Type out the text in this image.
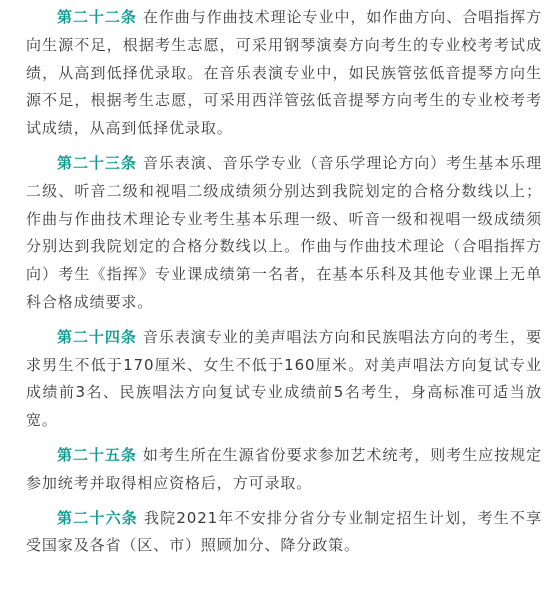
第二十二条 在作曲与作曲技术理论专业中，如作曲方向、合唱指挥方向生源不足，根据考生志愿，可采用钢琴演奏方向考生的专业校考考试成绩，从高到低择优录取。在音乐表演专业中，如民族管弦低音提琴方向生源不足，根据考生志愿，可采用西洋管弦低音提琴方向考生的专业校考考试成绩，从高到低择优录取。

第二十三条 音乐表演、音乐学专业（音乐学理论方向）考生基本乐理二级、听音二级和视唱二级成绩须分别达到我院划定的合格分数线以上；作曲与作曲技术理论专业考生基本乐理一级、听音一级和视唱一级成绩须分别达到我院划定的合格分数线以上。作曲与作曲技术理论（合唱指挥方向）考生《指挥》专业课成绩第一名者，在基本乐科及其他专业课上无单科合格成绩要求。

第二十四条 音乐表演专业的美声唱法方向和民族唱法方向的考生，要求男生不低于170厘米、女生不低于160厘米。对美声唱法方向复试专业成绩前3名、民族唱法方向复试专业成绩前5名考生，身高标准可适当放宽。

第二十五条 如考生所在生源省份要求参加艺术统考，则考生应按规定参加统考并取得相应资格后，方可录取。

第二十六条 我院2021年不安排分省分专业制定招生计划，考生不享受国家及各省（区、市）照顾加分、降分政策。
